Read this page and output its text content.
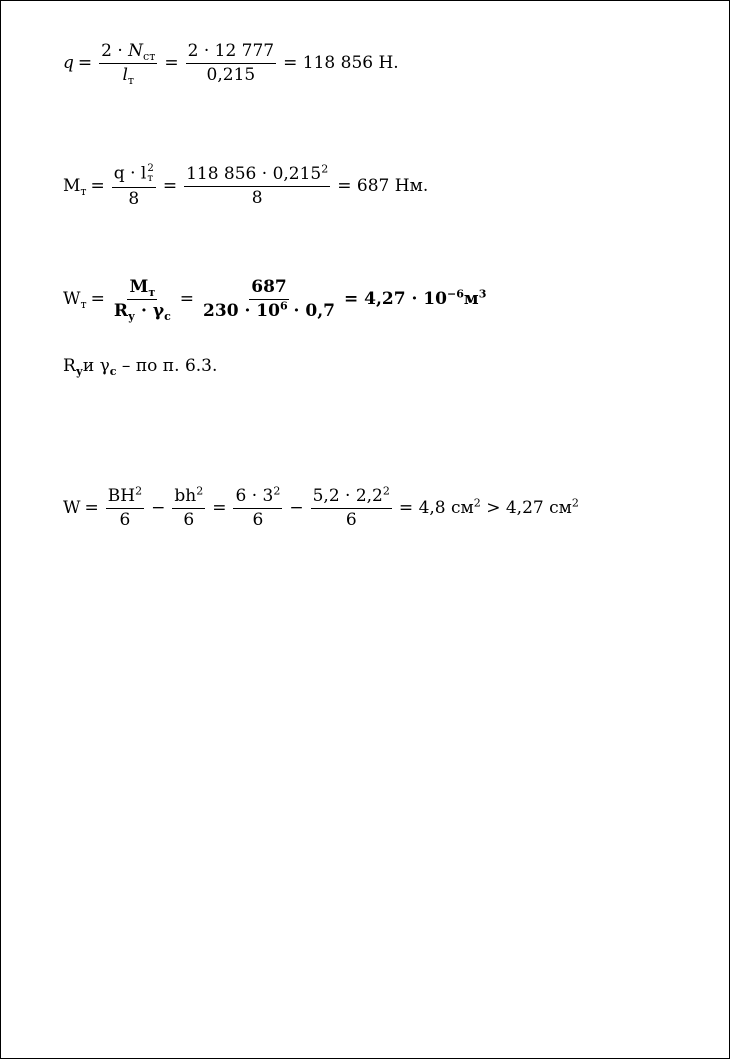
$q = \frac{2 \cdot N_{ст}}{l_т} = \frac{2 \cdot 12 777}{0,215} = 118$ 856 Н.
$M_т = q \cdot l$ 2
т
$8 = \frac{118 856 \cdot 0,215^2}{8} = 687$ Нм.
$W_т = \frac{M_т}{R_у \cdot \gamma_c} = \frac{687}{230 \cdot 10^6 \cdot 0,7} = 4,27 \cdot 10^{-6}м^3$
$R_уи$ $\gamma_c$ – по п. 6.3.
$W = \frac{BH^2}{6} - \frac{bh^2}{6} = \frac{6 \cdot 3^2}{6} - \frac{5,2 \cdot 2,2^2}{6} = 4,8$ $см^2 > 4,27$ $см^2$
